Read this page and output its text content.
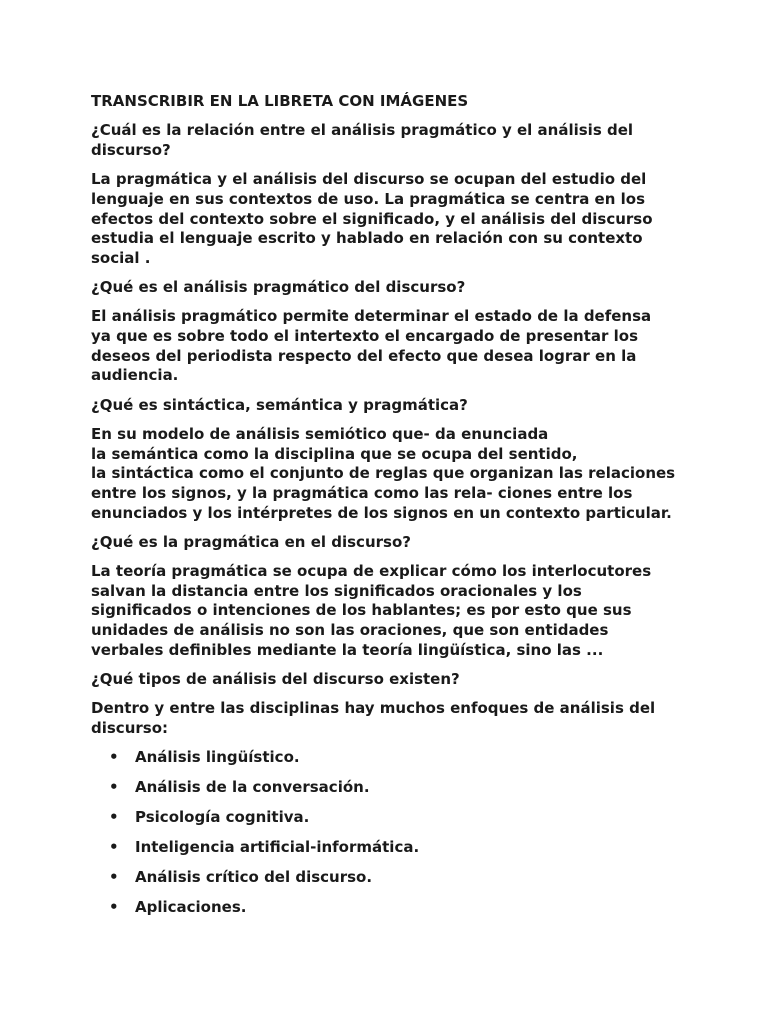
TRANSCRIBIR EN LA LIBRETA CON IMÁGENES
¿Cuál es la relación entre el análisis pragmático y el análisis del
discurso?
La pragmática y el análisis del discurso se ocupan del estudio del
lenguaje en sus contextos de uso. La pragmática se centra en los
efectos del contexto sobre el significado, y el análisis del discurso
estudia el lenguaje escrito y hablado en relación con su contexto
social .
¿Qué es el análisis pragmático del discurso?
El análisis pragmático permite determinar el estado de la defensa
ya que es sobre todo el intertexto el encargado de presentar los
deseos del periodista respecto del efecto que desea lograr en la
audiencia.
¿Qué es sintáctica, semántica y pragmática?
En su modelo de análisis semiótico que- da enunciada
la semántica como la disciplina que se ocupa del sentido,
la sintáctica como el conjunto de reglas que organizan las relaciones
entre los signos, y la pragmática como las rela- ciones entre los
enunciados y los intérpretes de los signos en un contexto particular.
¿Qué es la pragmática en el discurso?
La teoría pragmática se ocupa de explicar cómo los interlocutores
salvan la distancia entre los significados oracionales y los
significados o intenciones de los hablantes; es por esto que sus
unidades de análisis no son las oraciones, que son entidades
verbales definibles mediante la teoría lingüística, sino las ...
¿Qué tipos de análisis del discurso existen?
Dentro y entre las disciplinas hay muchos enfoques de análisis del
discurso:
• Análisis lingüístico.
• Análisis de la conversación.
• Psicología cognitiva.
• Inteligencia artificial-informática.
• Análisis crítico del discurso.
• Aplicaciones.
